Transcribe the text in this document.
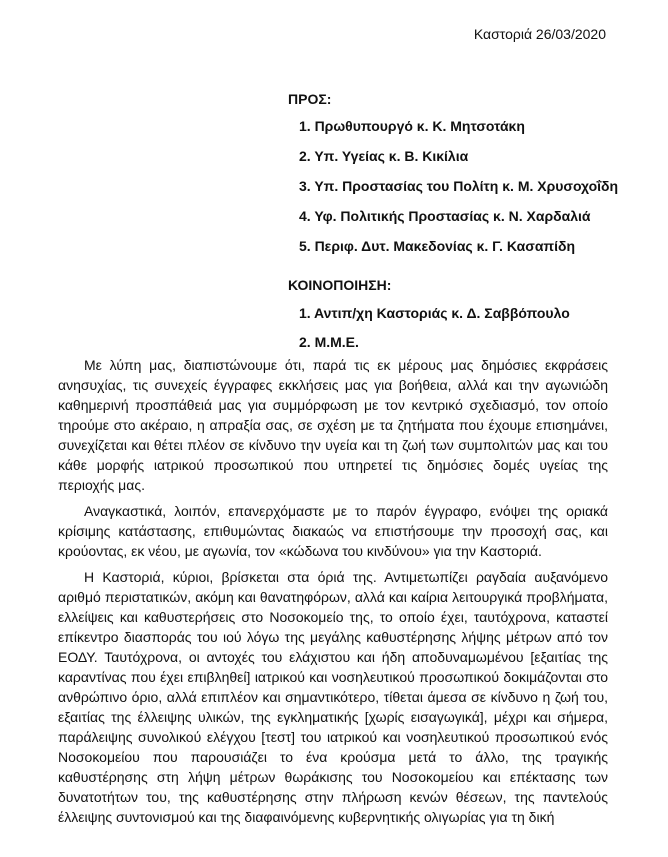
Καστοριά 26/03/2020
ΠΡΟΣ:
1. Πρωθυπουργό κ. Κ. Μητσοτάκη
2. Υπ. Υγείας κ. Β. Κικίλια
3. Υπ. Προστασίας του Πολίτη κ. Μ. Χρυσοχοΐδη
4. Υφ. Πολιτικής Προστασίας κ. Ν. Χαρδαλιά
5. Περιφ. Δυτ. Μακεδονίας κ. Γ. Κασαπίδη
ΚΟΙΝΟΠΟΙΗΣΗ:
1. Αντιπ/χη Καστοριάς κ. Δ. Σαββόπουλο
2. Μ.Μ.Ε.

Με λύπη μας, διαπιστώνουμε ότι, παρά τις εκ μέρους μας δημόσιες εκφράσεις ανησυχίας, τις συνεχείς έγγραφες εκκλήσεις μας για βοήθεια, αλλά και την αγωνιώδη καθημερινή προσπάθειά μας για συμμόρφωση με τον κεντρικό σχεδιασμό, τον οποίο τηρούμε στο ακέραιο, η απραξία σας, σε σχέση με τα ζητήματα που έχουμε επισημάνει, συνεχίζεται και θέτει πλέον σε κίνδυνο την υγεία και τη ζωή των συμπολιτών μας και του κάθε μορφής ιατρικού προσωπικού που υπηρετεί τις δημόσιες δομές υγείας της περιοχής μας.

Αναγκαστικά, λοιπόν, επανερχόμαστε με το παρόν έγγραφο, ενόψει της οριακά κρίσιμης κατάστασης, επιθυμώντας διακαώς να επιστήσουμε την προσοχή σας, και κρούοντας, εκ νέου, με αγωνία, τον «κώδωνα του κινδύνου» για την Καστοριά.

Η Καστοριά, κύριοι, βρίσκεται στα όριά της. Αντιμετωπίζει ραγδαία αυξανόμενο αριθμό περιστατικών, ακόμη και θανατηφόρων, αλλά και καίρια λειτουργικά προβλήματα, ελλείψεις και καθυστερήσεις στο Νοσοκομείο της, το οποίο έχει, ταυτόχρονα, καταστεί επίκεντρο διασποράς του ιού λόγω της μεγάλης καθυστέρησης λήψης μέτρων από τον ΕΟΔΥ. Ταυτόχρονα, οι αντοχές του ελάχιστου και ήδη αποδυναμωμένου [εξαιτίας της καραντίνας που έχει επιβληθεί] ιατρικού και νοσηλευτικού προσωπικού δοκιμάζονται στο ανθρώπινο όριο, αλλά επιπλέον και σημαντικότερο, τίθεται άμεσα σε κίνδυνο η ζωή του, εξαιτίας της έλλειψης υλικών, της εγκληματικής [χωρίς εισαγωγικά], μέχρι και σήμερα, παράλειψης συνολικού ελέγχου [τεστ] του ιατρικού και νοσηλευτικού προσωπικού ενός Νοσοκομείου που παρουσιάζει το ένα κρούσμα μετά το άλλο, της τραγικής καθυστέρησης στη λήψη μέτρων θωράκισης του Νοσοκομείου και επέκτασης των δυνατοτήτων του, της καθυστέρησης στην πλήρωση κενών θέσεων, της παντελούς έλλειψης συντονισμού και της διαφαινόμενης κυβερνητικής ολιγωρίας για τη δική
